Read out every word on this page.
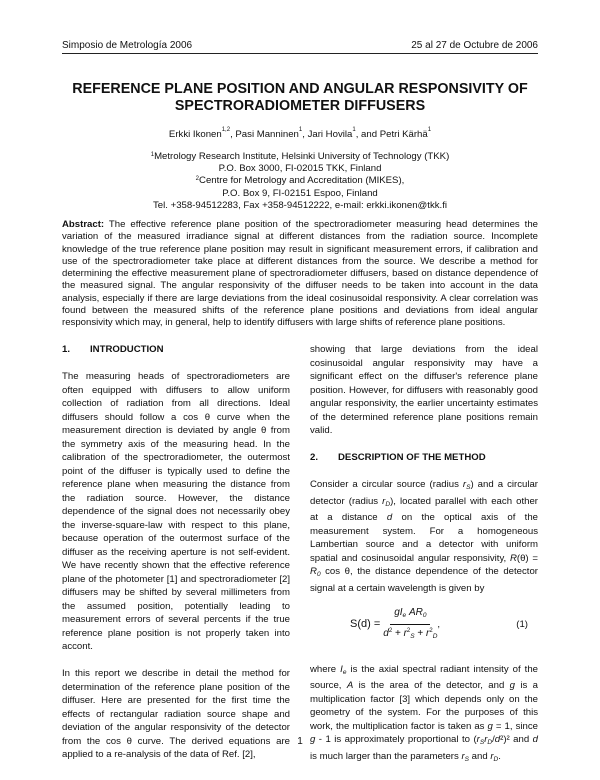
Simposio de Metrología 2006	25 al 27 de Octubre de 2006
REFERENCE PLANE POSITION AND ANGULAR RESPONSIVITY OF SPECTRORADIOMETER DIFFUSERS
Erkki Ikonen$^{1,2}$, Pasi Manninen$^1$, Jari Hovila$^1$, and Petri Kärhä$^1$
$^1$Metrology Research Institute, Helsinki University of Technology (TKK)
P.O. Box 3000, FI-02015 TKK, Finland
$^2$Centre for Metrology and Accreditation (MIKES),
P.O. Box 9, FI-02151 Espoo, Finland
Tel. +358-94512283, Fax +358-94512222, e-mail: erkki.ikonen@tkk.fi
Abstract: The effective reference plane position of the spectroradiometer measuring head determines the variation of the measured irradiance signal at different distances from the radiation source. Incomplete knowledge of the true reference plane position may result in significant measurement errors, if calibration and use of the spectroradiometer take place at different distances from the source. We describe a method for determining the effective measurement plane of spectroradiometer diffusers, based on distance dependence of the measured signal. The angular responsivity of the diffuser needs to be taken into account in the data analysis, especially if there are large deviations from the ideal cosinusoidal responsivity. A clear correlation was found between the measured shifts of the reference plane positions and deviations from ideal angular responsivity which may, in general, help to identify diffusers with large shifts of reference plane positions.
1. INTRODUCTION

The measuring heads of spectroradiometers are often equipped with diffusers to allow uniform collection of radiation from all directions. Ideal diffusers should follow a cos θ curve when the measurement direction is deviated by angle θ from the symmetry axis of the measuring head. In the calibration of the spectroradiometer, the outermost point of the diffuser is typically used to define the reference plane when measuring the distance from the radiation source. However, the distance dependence of the signal does not necessarily obey the inverse-square-law with respect to this plane, because operation of the outermost surface of the diffuser as the receiving aperture is not self-evident. We have recently shown that the effective reference plane of the photometer [1] and spectroradiometer [2] diffusers may be shifted by several millimeters from the assumed position, potentially leading to measurement errors of several percents if the true reference plane position is not properly taken into accont.

In this report we describe in detail the method for determination of the reference plane position of the diffuser. Here are presented for the first time the effects of rectangular radiation source shape and deviation of the angular responsivity of the detector from the cos θ curve. The derived equations are applied to a re-analysis of the data of Ref. [2],

showing that large deviations from the ideal cosinusoidal angular responsivity may have a significant effect on the diffuser's reference plane position. However, for diffusers with reasonably good angular responsivity, the earlier uncertainty estimates of the determined reference plane positions remain valid.

2. DESCRIPTION OF THE METHOD

Consider a circular source (radius $r_S$) and a circular detector (radius $r_D$), located parallel with each other at a distance d on the optical axis of the measurement system. For a homogeneous Lambertian source and a detector with uniform spatial and cosinusoidal angular responsivity, $R(\theta) = R_0$ cos θ, the distance dependence of the detector signal at a certain wavelength is given by

$S(d) = \frac{gI_e AR_0}{d^2 + r^2_S + r^2_D}$ ,	(1)

where $I_e$ is the axial spectral radiant intensity of the source, A is the area of the detector, and g is a multiplication factor [3] which depends only on the geometry of the system. For the purposes of this work, the multiplication factor is taken as g = 1, since g - 1 is approximately proportional to $(r_Sr_D/d^2)^2$ and d is much larger than the parameters $r_S$ and $r_D$.

1
